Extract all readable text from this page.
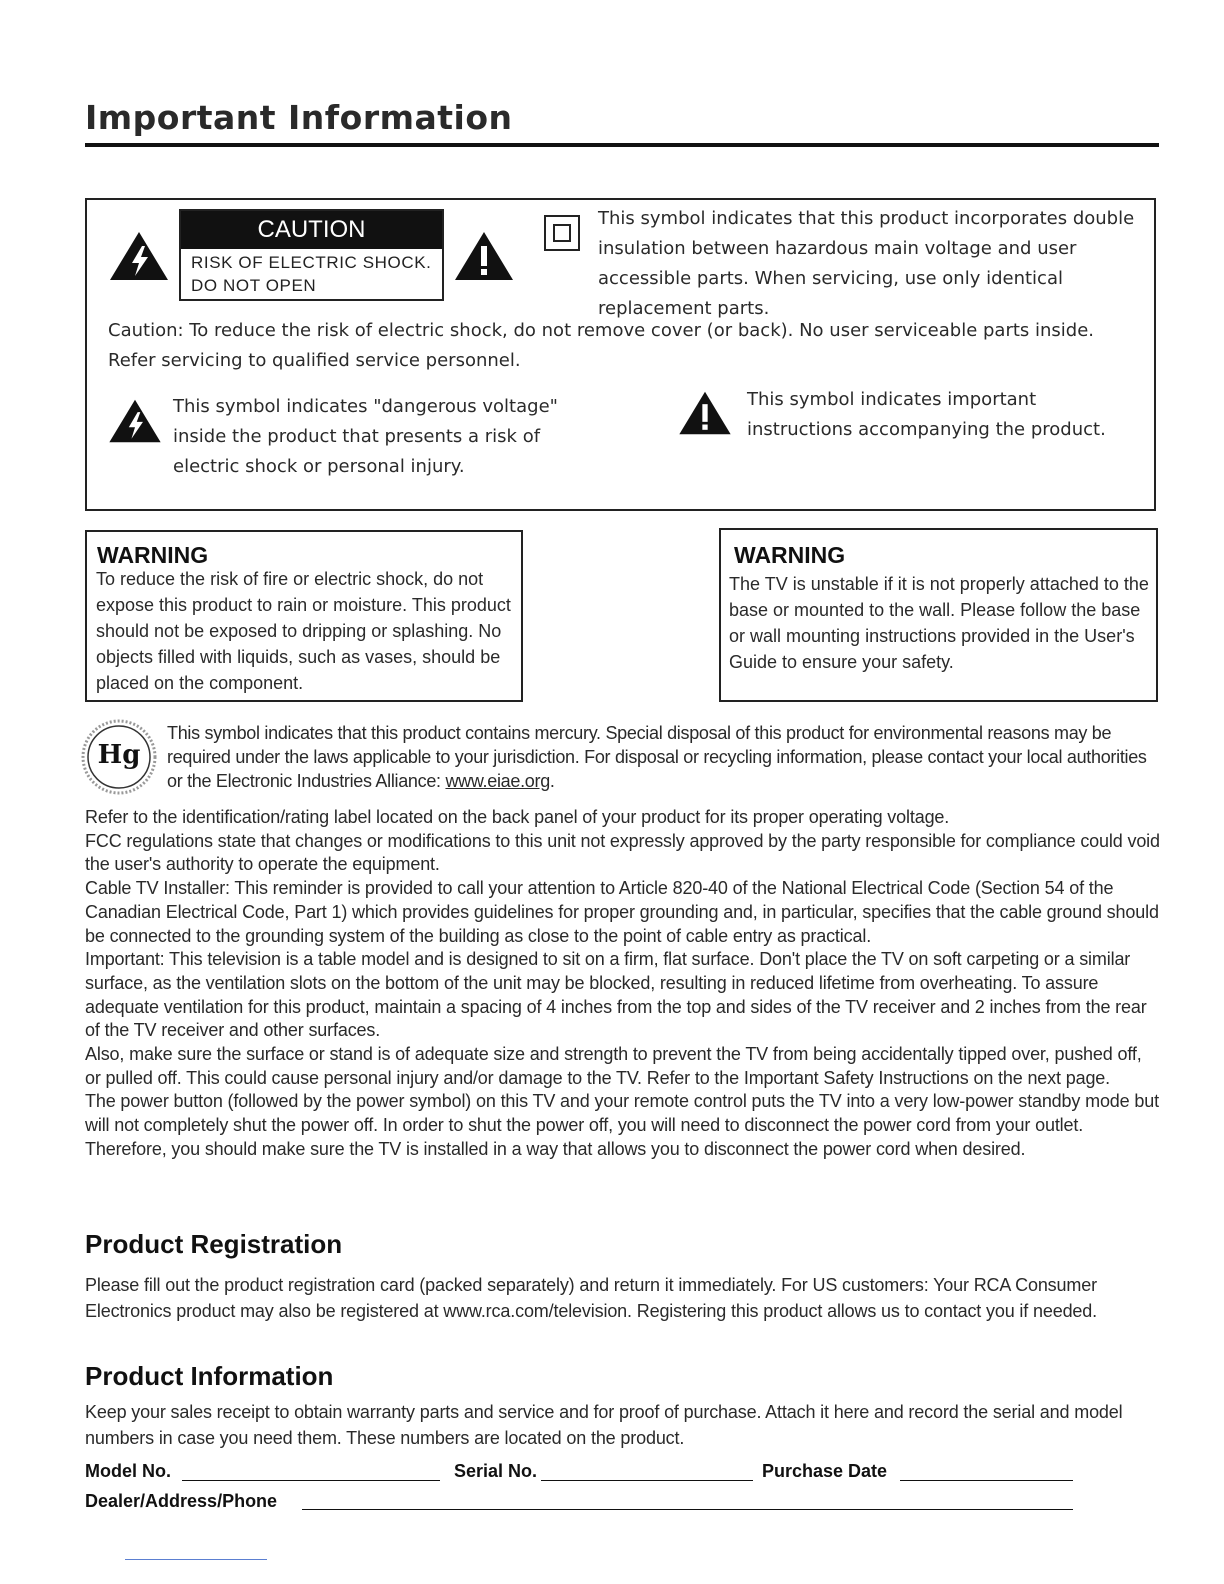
Important Information
CAUTION
RISK OF ELECTRIC SHOCK.
DO NOT OPEN
This symbol indicates that this product incorporates double insulation between hazardous main voltage and user accessible parts. When servicing, use only identical replacement parts.
Caution: To reduce the risk of electric shock, do not remove cover (or back). No user serviceable parts inside. Refer servicing to qualified service personnel.
This symbol indicates "dangerous voltage" inside the product that presents a risk of electric shock or personal injury.
This symbol indicates important instructions accompanying the product.
WARNING
To reduce the risk of fire or electric shock, do not expose this product to rain or moisture. This product should not be exposed to dripping or splashing. No objects filled with liquids, such as vases, should be placed on the component.
WARNING
The TV is unstable if it is not properly attached to the base or mounted to the wall. Please follow the base or wall mounting instructions provided in the User's Guide to ensure your safety.
Hg
This symbol indicates that this product contains mercury. Special disposal of this product for environmental reasons may be required under the laws applicable to your jurisdiction. For disposal or recycling information, please contact your local authorities or the Electronic Industries Alliance: www.eiae.org.
Refer to the identification/rating label located on the back panel of your product for its proper operating voltage.
FCC regulations state that changes or modifications to this unit not expressly approved by the party responsible for compliance could void the user's authority to operate the equipment.
Cable TV Installer: This reminder is provided to call your attention to Article 820-40 of the National Electrical Code (Section 54 of the Canadian Electrical Code, Part 1) which provides guidelines for proper grounding and, in particular, specifies that the cable ground should be connected to the grounding system of the building as close to the point of cable entry as practical.
Important: This television is a table model and is designed to sit on a firm, flat surface. Don't place the TV on soft carpeting or a similar surface, as the ventilation slots on the bottom of the unit may be blocked, resulting in reduced lifetime from overheating. To assure adequate ventilation for this product, maintain a spacing of 4 inches from the top and sides of the TV receiver and 2 inches from the rear of the TV receiver and other surfaces.
Also, make sure the surface or stand is of adequate size and strength to prevent the TV from being accidentally tipped over, pushed off, or pulled off. This could cause personal injury and/or damage to the TV. Refer to the Important Safety Instructions on the next page.
The power button (followed by the power symbol) on this TV and your remote control puts the TV into a very low-power standby mode but will not completely shut the power off. In order to shut the power off, you will need to disconnect the power cord from your outlet. Therefore, you should make sure the TV is installed in a way that allows you to disconnect the power cord when desired.
Product Registration
Please fill out the product registration card (packed separately) and return it immediately. For US customers: Your RCA Consumer Electronics product may also be registered at www.rca.com/television. Registering this product allows us to contact you if needed.
Product Information
Keep your sales receipt to obtain warranty parts and service and for proof of purchase. Attach it here and record the serial and model numbers in case you need them. These numbers are located on the product.
Model No.	Serial No.	Purchase Date
Dealer/Address/Phone
